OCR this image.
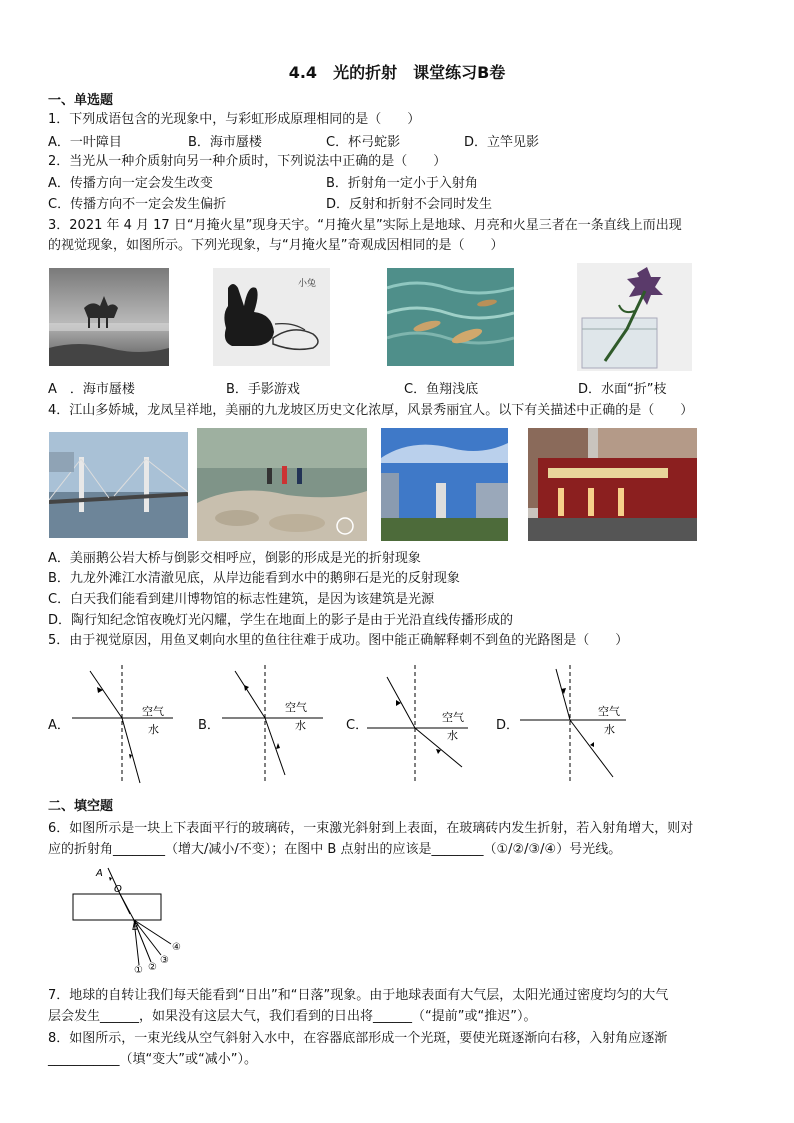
4.4　光的折射　课堂练习B卷
一、单选题
1．下列成语包含的光现象中，与彩虹形成原理相同的是（　　）
A．一叶障目	B．海市蜃楼	C．杯弓蛇影	D．立竿见影
2．当光从一种介质射向另一种介质时，下列说法中正确的是（　　）
A．传播方向一定会发生改变	B．折射角一定小于入射角
C．传播方向不一定会发生偏折	D．反射和折射不会同时发生
3．2021 年 4 月 17 日“月掩火星”现身天宇。“月掩火星”实际上是地球、月亮和火星三者在一条直线上而出现
的视觉现象，如图所示。下列光现象，与“月掩火星”奇观成因相同的是（　　）
小兔
A　．海市蜃楼	B．手影游戏	C．鱼翔浅底	D．水面“折”枝
4．江山多娇城，龙凤呈祥地，美丽的九龙坡区历史文化浓厚，风景秀丽宜人。以下有关描述中正确的是（　　）
A．美丽鹅公岩大桥与倒影交相呼应，倒影的形成是光的折射现象
B．九龙外滩江水清澈见底，从岸边能看到水中的鹅卵石是光的反射现象
C．白天我们能看到建川博物馆的标志性建筑，是因为该建筑是光源
D．陶行知纪念馆夜晚灯光闪耀，学生在地面上的影子是由于光沿直线传播形成的
5．由于视觉原因，用鱼叉刺向水里的鱼往往难于成功。图中能正确解释刺不到鱼的光路图是（　　）
A．
空气
水	B．
空气
水	C．
空气
水
D．
空气
水
二、填空题
6．如图所示是一块上下表面平行的玻璃砖，一束激光斜射到上表面，在玻璃砖内发生折射，若入射角增大，则对
应的折射角________（增大/减小/不变）；在图中 B 点射出的应该是________（①/②/③/④）号光线。
A
O
B
① ②
③
④
7．地球的自转让我们每天能看到“日出”和“日落”现象。由于地球表面有大气层，太阳光通过密度均匀的大气
层会发生______，如果没有这层大气，我们看到的日出将______（“提前”或“推迟”）。
8．如图所示，一束光线从空气斜射入水中，在容器底部形成一个光斑，要使光斑逐渐向右移，入射角应逐渐
___________（填“变大”或“减小”）。
